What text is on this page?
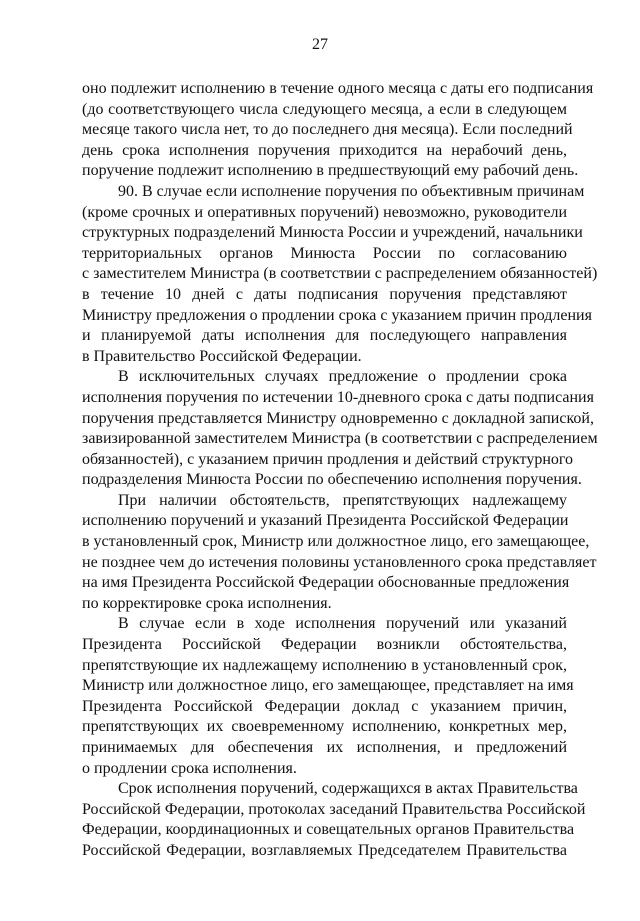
27
оно подлежит исполнению в течение одного месяца с даты его подписания
(до соответствующего числа следующего месяца, а если в следующем
месяце такого числа нет, то до последнего дня месяца). Если последний
день срока исполнения поручения приходится на нерабочий день,
поручение подлежит исполнению в предшествующий ему рабочий день.
90. В случае если исполнение поручения по объективным причинам
(кроме срочных и оперативных поручений) невозможно, руководители
структурных подразделений Минюста России и учреждений, начальники
территориальных органов Минюста России по согласованию
с заместителем Министра (в соответствии с распределением обязанностей)
в течение 10 дней с даты подписания поручения представляют
Министру предложения о продлении срока с указанием причин продления
и планируемой даты исполнения для последующего направления
в Правительство Российской Федерации.
В исключительных случаях предложение о продлении срока
исполнения поручения по истечении 10-дневного срока с даты подписания
поручения представляется Министру одновременно с докладной запиской,
завизированной заместителем Министра (в соответствии с распределением
обязанностей), с указанием причин продления и действий структурного
подразделения Минюста России по обеспечению исполнения поручения.
При наличии обстоятельств, препятствующих надлежащему
исполнению поручений и указаний Президента Российской Федерации
в установленный срок, Министр или должностное лицо, его замещающее,
не позднее чем до истечения половины установленного срока представляет
на имя Президента Российской Федерации обоснованные предложения
по корректировке срока исполнения.
В случае если в ходе исполнения поручений или указаний
Президента Российской Федерации возникли обстоятельства,
препятствующие их надлежащему исполнению в установленный срок,
Министр или должностное лицо, его замещающее, представляет на имя
Президента Российской Федерации доклад с указанием причин,
препятствующих их своевременному исполнению, конкретных мер,
принимаемых для обеспечения их исполнения, и предложений
о продлении срока исполнения.
Срок исполнения поручений, содержащихся в актах Правительства
Российской Федерации, протоколах заседаний Правительства Российской
Федерации, координационных и совещательных органов Правительства
Российской Федерации, возглавляемых Председателем Правительства
